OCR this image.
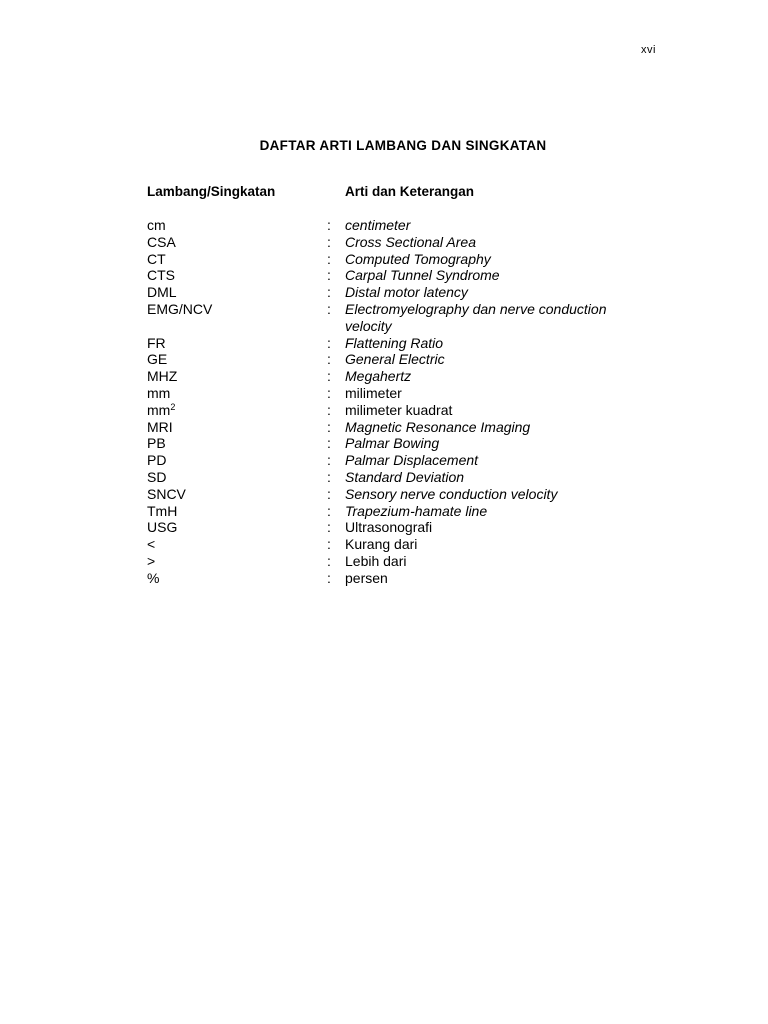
xvi
DAFTAR ARTI LAMBANG DAN SINGKATAN
Lambang/Singkatan	Arti dan Keterangan
cm	: centimeter
CSA	: Cross Sectional Area
CT	: Computed Tomography
CTS	: Carpal Tunnel Syndrome
DML	: Distal motor latency
EMG/NCV	: Electromyelography dan nerve conduction velocity
FR	: Flattening Ratio
GE	: General Electric
MHZ	: Megahertz
mm	: milimeter
$mm^2$	: milimeter kuadrat
MRI	: Magnetic Resonance Imaging
PB	: Palmar Bowing
PD	: Palmar Displacement
SD	: Standard Deviation
SNCV	: Sensory nerve conduction velocity
TmH	: Trapezium-hamate line
USG	: Ultrasonografi
<	: Kurang dari
>	: Lebih dari
%	: persen
